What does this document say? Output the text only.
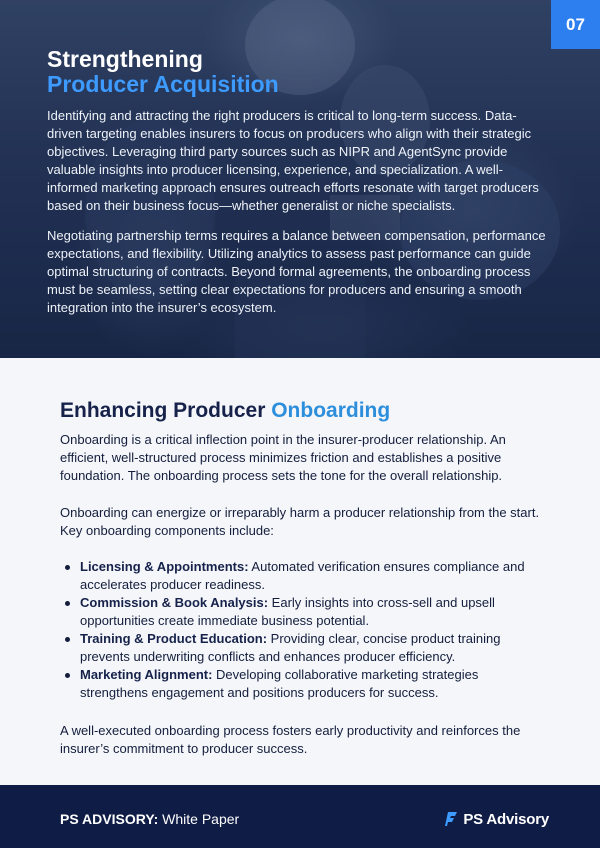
07
Strengthening
Producer Acquisition

Identifying and attracting the right producers is critical to long-term success. Data-driven targeting enables insurers to focus on producers who align with their strategic objectives. Leveraging third party sources such as NIPR and AgentSync provide valuable insights into producer licensing, experience, and specialization. A well-informed marketing approach ensures outreach efforts resonate with target producers based on their business focus—whether generalist or niche specialists.

Negotiating partnership terms requires a balance between compensation, performance expectations, and flexibility. Utilizing analytics to assess past performance can guide optimal structuring of contracts. Beyond formal agreements, the onboarding process must be seamless, setting clear expectations for producers and ensuring a smooth integration into the insurer’s ecosystem.

Enhancing Producer Onboarding

Onboarding is a critical inflection point in the insurer-producer relationship. An efficient, well-structured process minimizes friction and establishes a positive foundation. The onboarding process sets the tone for the overall relationship.

Onboarding can energize or irreparably harm a producer relationship from the start. Key onboarding components include:

Licensing & Appointments: Automated verification ensures compliance and accelerates producer readiness.
Commission & Book Analysis: Early insights into cross-sell and upsell opportunities create immediate business potential.
Training & Product Education: Providing clear, concise product training prevents underwriting conflicts and enhances producer efficiency.
Marketing Alignment: Developing collaborative marketing strategies strengthens engagement and positions producers for success.

A well-executed onboarding process fosters early productivity and reinforces the insurer’s commitment to producer success.

PS ADVISORY: White Paper	PS Advisory
